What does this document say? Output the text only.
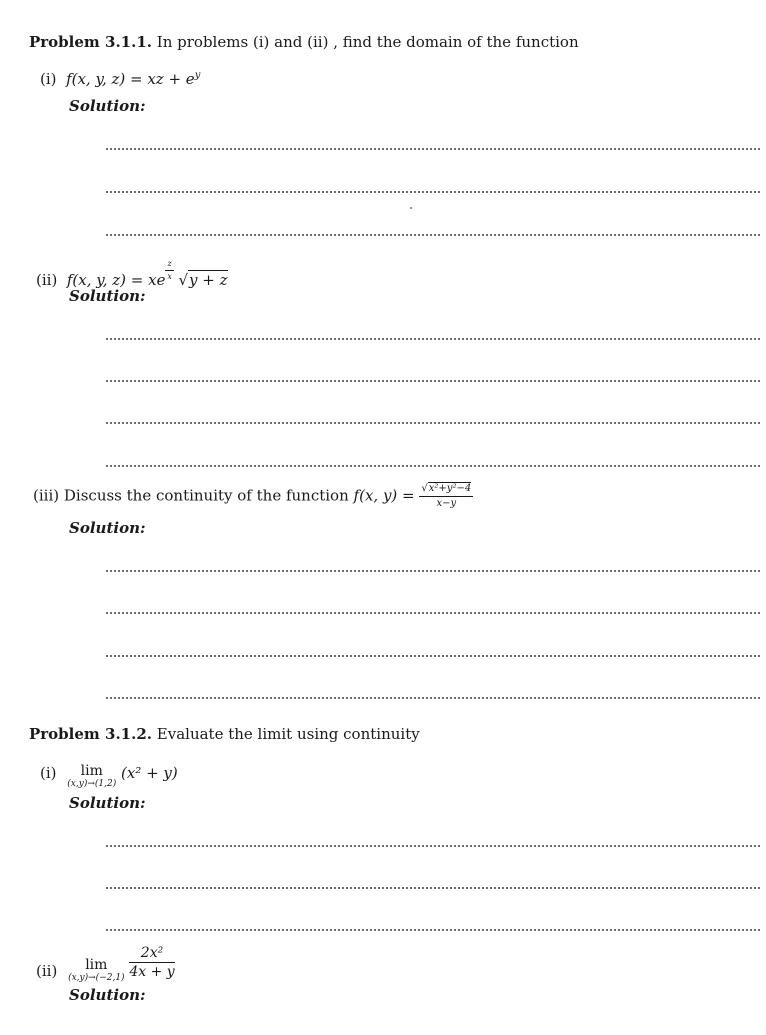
Problem 3.1.1. In problems (i) and (ii) , find the domain of the function
(i) f(x, y, z) = xz + $e^y$
Solution:
(ii) f(x, y, z) = xe $\frac{z}{x} √y + z$
Solution:
(iii) Discuss the continuity of the function f(x, $y) = \frac{\text{√x²+y²−4}}{x-y}$
Solution:
Problem 3.1.2. Evaluate the limit using continuity
(i)	lim
(x,y)→(1,2)
(x² + y)
Solution:
(ii)	lim
(x,y)→(−2,1)
$\frac{\text{2x²}}{4x + y}$
Solution:
